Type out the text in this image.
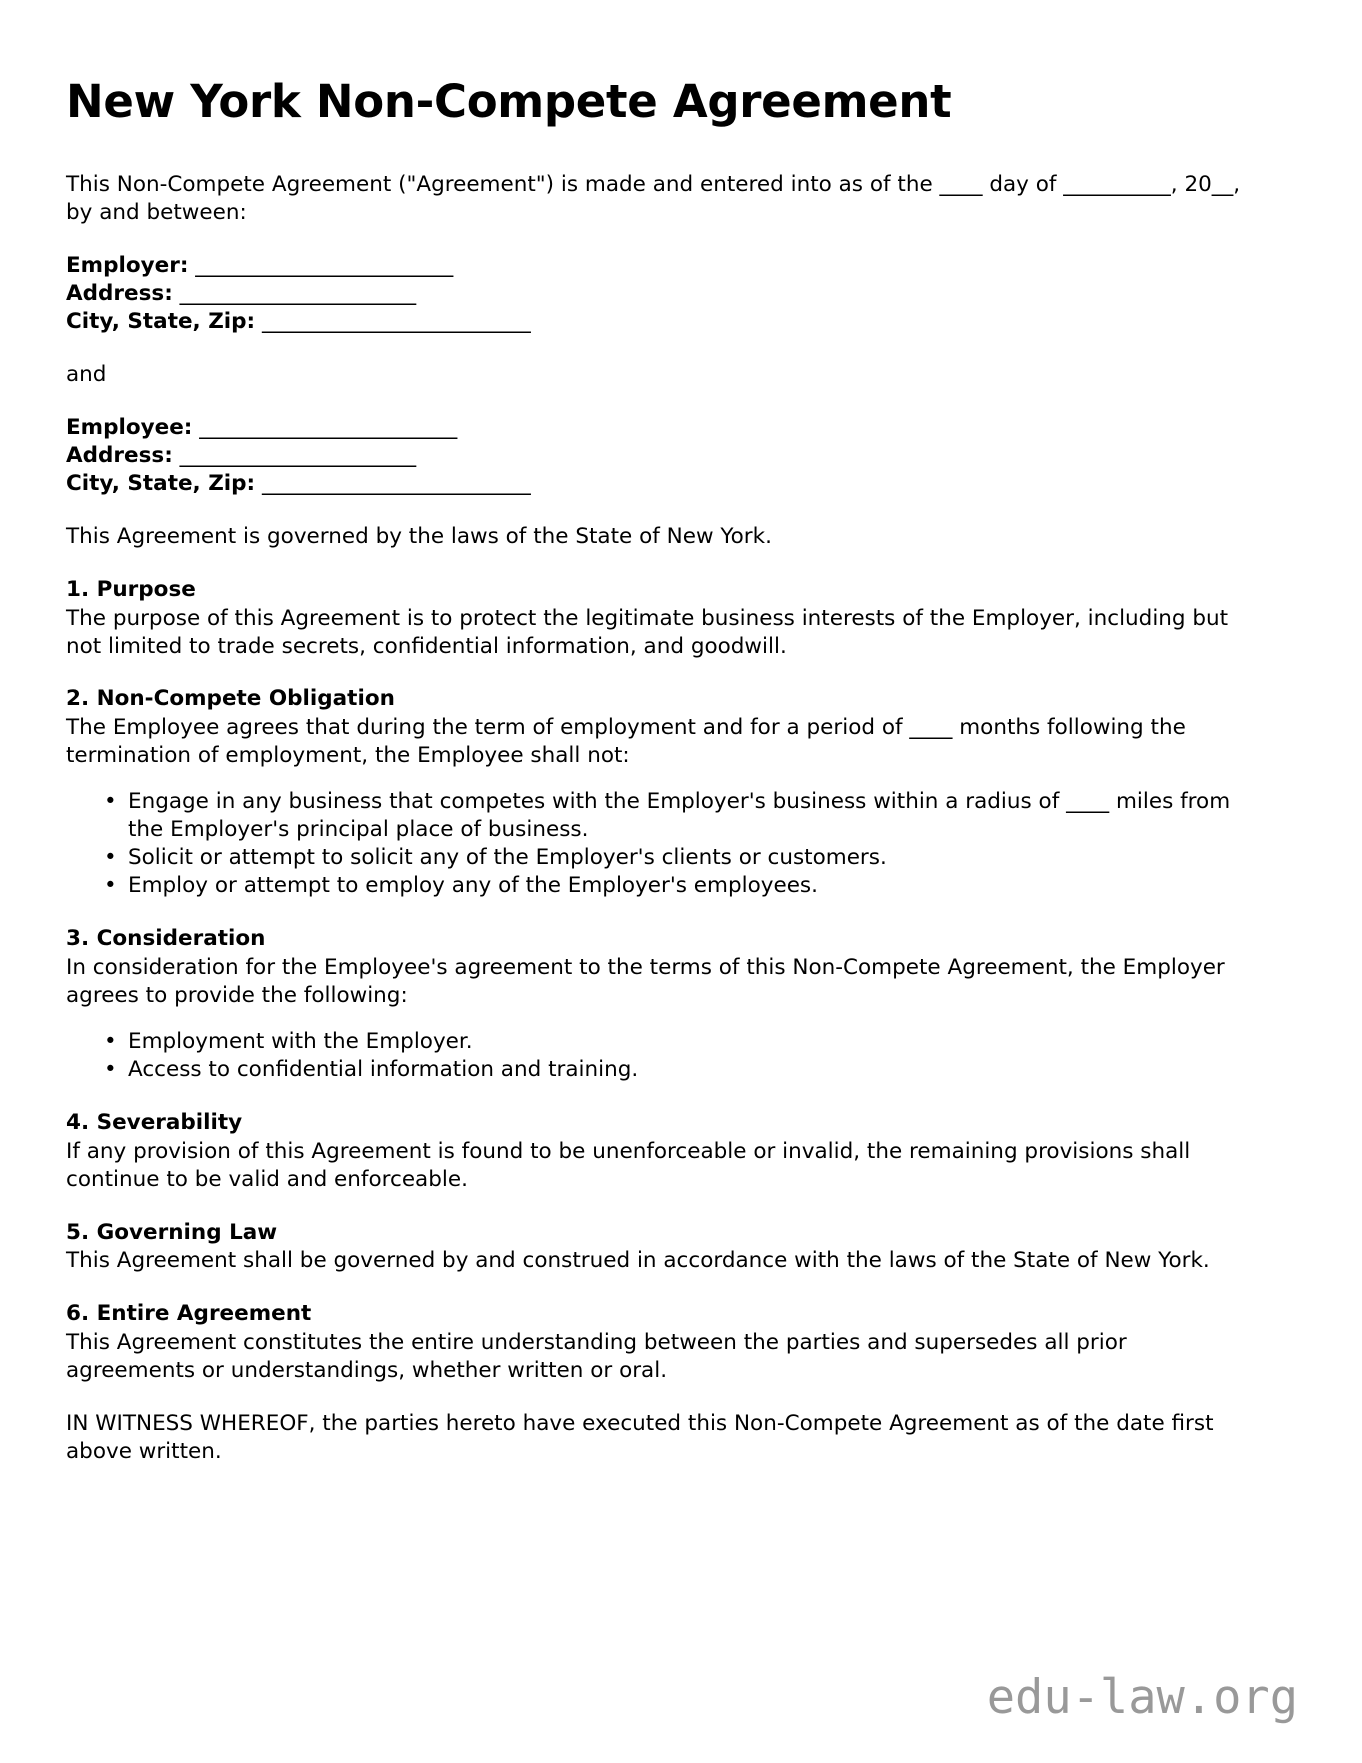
New York Non-Compete Agreement

This Non-Compete Agreement ("Agreement") is made and entered into as of the ____ day of __________, 20__, by and between:

Employer: ________________________
Address: ______________________
City, State, Zip: _________________________
and
Employee: ________________________
Address: ______________________
City, State, Zip: _________________________

This Agreement is governed by the laws of the State of New York.

1. Purpose

The purpose of this Agreement is to protect the legitimate business interests of the Employer, including but not limited to trade secrets, confidential information, and goodwill.

2. Non-Compete Obligation

The Employee agrees that during the term of employment and for a period of ____ months following the termination of employment, the Employee shall not:

• Engage in any business that competes with the Employer's business within a radius of ____ miles from the Employer's principal place of business.
• Solicit or attempt to solicit any of the Employer's clients or customers.
• Employ or attempt to employ any of the Employer's employees.
3. Consideration

In consideration for the Employee's agreement to the terms of this Non-Compete Agreement, the Employer agrees to provide the following:

• Employment with the Employer.
• Access to confidential information and training.
4. Severability

If any provision of this Agreement is found to be unenforceable or invalid, the remaining provisions shall continue to be valid and enforceable.

5. Governing Law

This Agreement shall be governed by and construed in accordance with the laws of the State of New York.

6. Entire Agreement

This Agreement constitutes the entire understanding between the parties and supersedes all prior agreements or understandings, whether written or oral.

IN WITNESS WHEREOF, the parties hereto have executed this Non-Compete Agreement as of the date first above written.

edu-law.org
